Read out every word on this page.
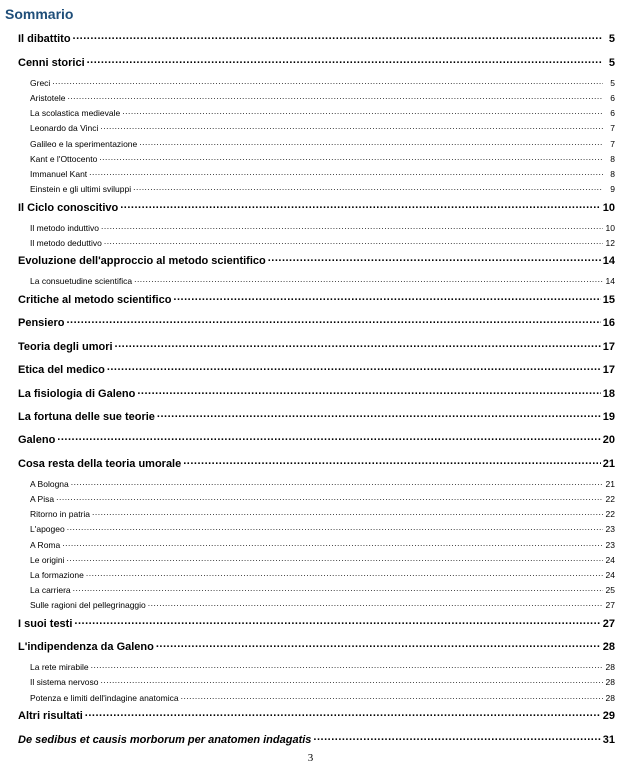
Sommario
Il dibattito .....	5
Cenni storici .....	5
Greci .....	5
Aristotele .....	6
La scolastica medievale .....	6
Leonardo da Vinci .....	7
Galileo e la sperimentazione .....	7
Kant e l'Ottocento .....	8
Immanuel Kant .....	8
Einstein e gli ultimi sviluppi .....	9
Il Ciclo conoscitivo .....	10
Il metodo induttivo .....	10
Il metodo deduttivo .....	12
Evoluzione dell'approccio al metodo scientifico .....	14
La consuetudine scientifica .....	14
Critiche al metodo scientifico .....	15
Pensiero .....	16
Teoria degli umori .....	17
Etica del medico .....	17
La fisiologia di Galeno .....	18
La fortuna delle sue teorie .....	19
Galeno .....	20
Cosa resta della teoria umorale .....	21
A Bologna .....	21
A Pisa .....	22
Ritorno in patria .....	22
L'apogeo .....	23
A Roma .....	23
Le origini .....	24
La formazione .....	24
La carriera .....	25
Sulle ragioni del pellegrinaggio .....	27
I suoi testi .....	27
L'indipendenza da Galeno .....	28
La rete mirabile .....	28
Il sistema nervoso .....	28
Potenza e limiti dell'indagine anatomica .....	28
Altri risultati .....	29
De sedibus et causis morborum per anatomen indagatis .....	31
3
